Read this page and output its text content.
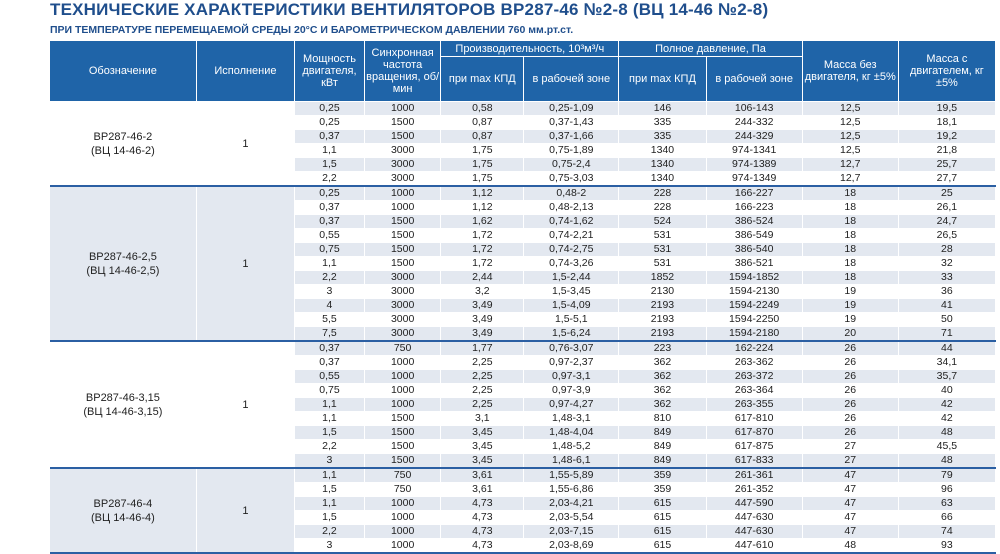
ТЕХНИЧЕСКИЕ ХАРАКТЕРИСТИКИ ВЕНТИЛЯТОРОВ ВР287-46 №2-8 (ВЦ 14-46 №2-8)
ПРИ ТЕМПЕРАТУРЕ ПЕРЕМЕЩАЕМОЙ СРЕДЫ 20°С И БАРОМЕТРИЧЕСКОМ ДАВЛЕНИИ 760 мм.рт.ст.
Обозначение	Исполнение	Мощность двигателя, кВт	Синхронная частота вращения, об/мин	Производительность, 10³м³/ч		Полное давление, Па		Масса без двигателя, кг ±5%	Масса с двигателем, кг ±5%
				при max КПД	в рабочей зоне	при max КПД	в рабочей зоне		
ВР287-46-2
(ВЦ 14-46-2)	1	0,25	1000	0,58	0,25-1,09	146	106-143	12,5	19,5
		0,25	1500	0,87	0,37-1,43	335	244-332	12,5	18,1
		0,37	1500	0,87	0,37-1,66	335	244-329	12,5	19,2
		1,1	3000	1,75	0,75-1,89	1340	974-1341	12,5	21,8
		1,5	3000	1,75	0,75-2,4	1340	974-1389	12,7	25,7
		2,2	3000	1,75	0,75-3,03	1340	974-1349	12,7	27,7
ВР287-46-2,5
(ВЦ 14-46-2,5)	1	0,25	1000	1,12	0,48-2	228	166-227	18	25
		0,37	1000	1,12	0,48-2,13	228	166-223	18	26,1
		0,37	1500	1,62	0,74-1,62	524	386-524	18	24,7
		0,55	1500	1,72	0,74-2,21	531	386-549	18	26,5
		0,75	1500	1,72	0,74-2,75	531	386-540	18	28
		1,1	1500	1,72	0,74-3,26	531	386-521	18	32
		2,2	3000	2,44	1,5-2,44	1852	1594-1852	18	33
		3	3000	3,2	1,5-3,45	2130	1594-2130	19	36
		4	3000	3,49	1,5-4,09	2193	1594-2249	19	41
		5,5	3000	3,49	1,5-5,1	2193	1594-2250	19	50
		7,5	3000	3,49	1,5-6,24	2193	1594-2180	20	71
ВР287-46-3,15
(ВЦ 14-46-3,15)	1	0,37	750	1,77	0,76-3,07	223	162-224	26	44
		0,37	1000	2,25	0,97-2,37	362	263-362	26	34,1
		0,55	1000	2,25	0,97-3,1	362	263-372	26	35,7
		0,75	1000	2,25	0,97-3,9	362	263-364	26	40
		1,1	1000	2,25	0,97-4,27	362	263-355	26	42
		1,1	1500	3,1	1,48-3,1	810	617-810	26	42
		1,5	1500	3,45	1,48-4,04	849	617-870	26	48
		2,2	1500	3,45	1,48-5,2	849	617-875	27	45,5
		3	1500	3,45	1,48-6,1	849	617-833	27	48
ВР287-46-4
(ВЦ 14-46-4)	1	1,1	750	3,61	1,55-5,89	359	261-361	47	79
		1,5	750	3,61	1,55-6,86	359	261-352	47	96
		1,1	1000	4,73	2,03-4,21	615	447-590	47	63
		1,5	1000	4,73	2,03-5,54	615	447-630	47	66
		2,2	1000	4,73	2,03-7,15	615	447-630	47	74
		3	1000	4,73	2,03-8,69	615	447-610	48	93
